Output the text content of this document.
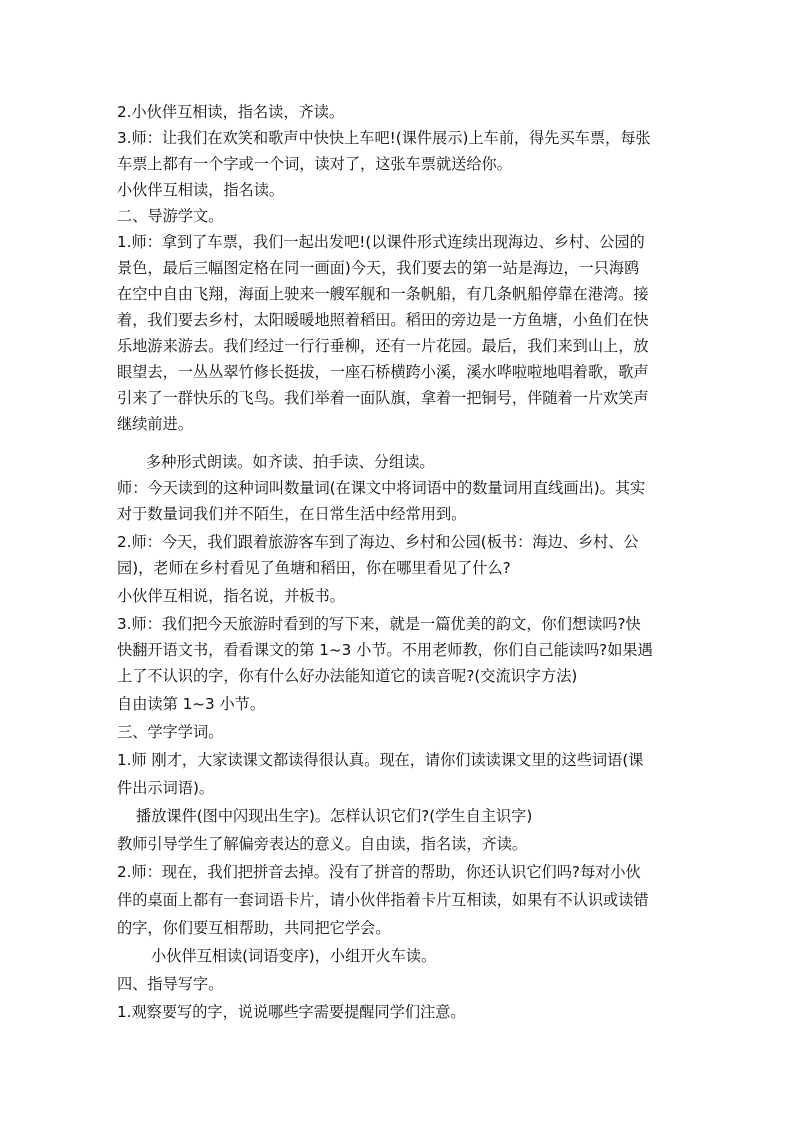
2.小伙伴互相读，指名读，齐读。

3.师：让我们在欢笑和歌声中快快上车吧!(课件展示)上车前，得先买车票，每张

车票上都有一个字或一个词，读对了，这张车票就送给你。

小伙伴互相读，指名读。

二、导游学文。

1.师：拿到了车票，我们一起出发吧!(以课件形式连续出现海边、乡村、公园的

景色，最后三幅图定格在同一画面)今天，我们要去的第一站是海边，一只海鸥

在空中自由飞翔，海面上驶来一艘军舰和一条帆船，有几条帆船停靠在港湾。接

着，我们要去乡村，太阳暖暖地照着稻田。稻田的旁边是一方鱼塘，小鱼们在快

乐地游来游去。我们经过一行行垂柳，还有一片花园。最后，我们来到山上，放

眼望去，一丛丛翠竹修长挺拔，一座石桥横跨小溪，溪水哗啦啦地唱着歌，歌声

引来了一群快乐的飞鸟。我们举着一面队旗，拿着一把铜号，伴随着一片欢笑声

继续前进。

多种形式朗读。如齐读、拍手读、分组读。

师：今天读到的这种词叫数量词(在课文中将词语中的数量词用直线画出)。其实

对于数量词我们并不陌生，在日常生活中经常用到。

2.师：今天，我们跟着旅游客车到了海边、乡村和公园(板书：海边、乡村、公

园)，老师在乡村看见了鱼塘和稻田，你在哪里看见了什么?

小伙伴互相说，指名说，并板书。

3.师：我们把今天旅游时看到的写下来，就是一篇优美的韵文，你们想读吗?快

快翻开语文书，看看课文的第 1~3 小节。不用老师教，你们自己能读吗?如果遇

上了不认识的字，你有什么好办法能知道它的读音呢?(交流识字方法)

自由读第 1~3 小节。

三、学字学词。

1.师 刚才，大家读课文都读得很认真。现在，请你们读读课文里的这些词语(课

件出示词语)。

播放课件(图中闪现出生字)。怎样认识它们?(学生自主识字)

教师引导学生了解偏旁表达的意义。自由读，指名读，齐读。

2.师：现在，我们把拼音去掉。没有了拼音的帮助，你还认识它们吗?每对小伙

伴的桌面上都有一套词语卡片，请小伙伴指着卡片互相读，如果有不认识或读错

的字，你们要互相帮助，共同把它学会。

小伙伴互相读(词语变序)，小组开火车读。

四、指导写字。

1.观察要写的字，说说哪些字需要提醒同学们注意。
